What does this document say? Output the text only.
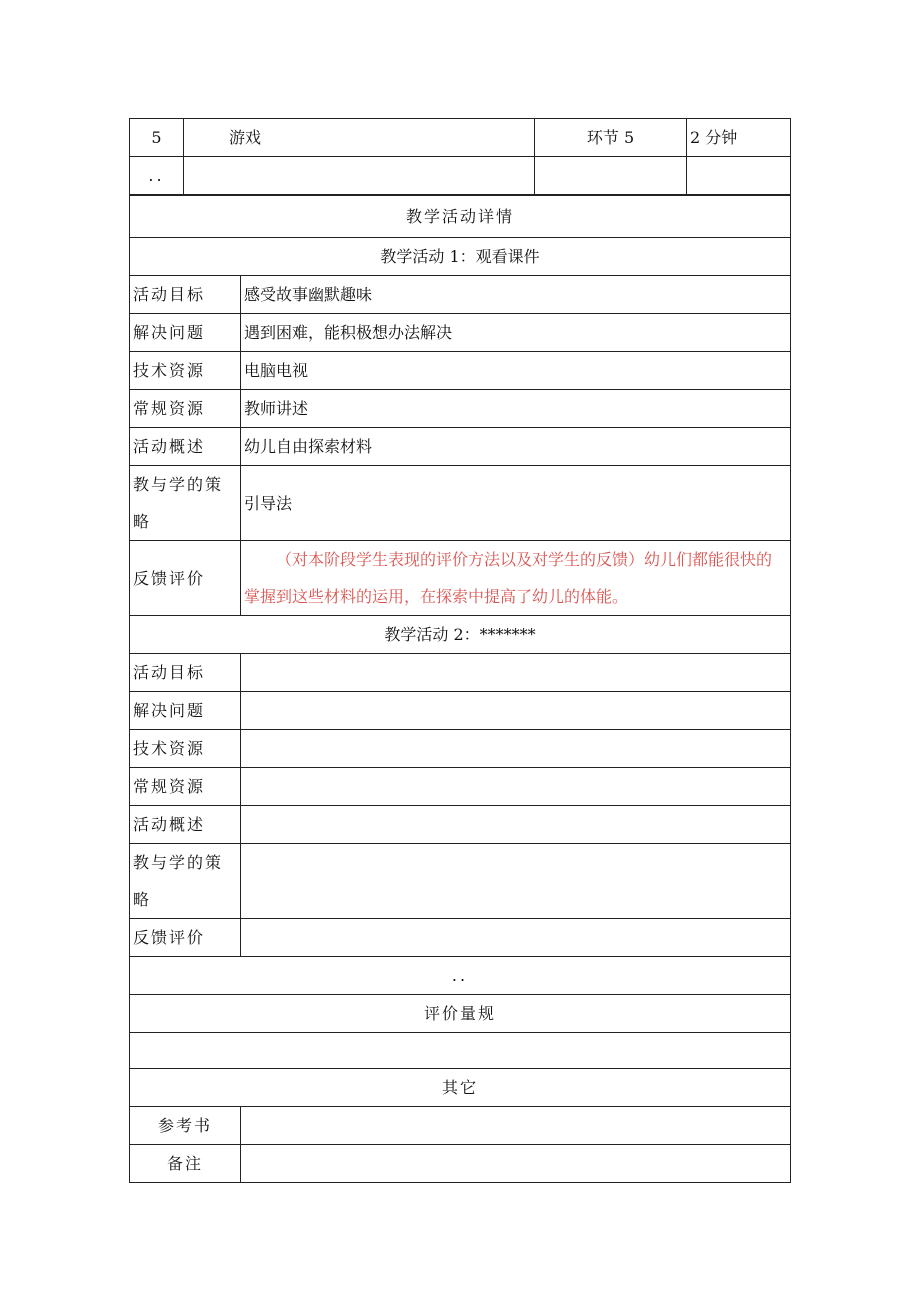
5	游戏	环节 5	2 分钟
..			
教学活动详情	
教学活动 1：观看课件	
活动目标	感受故事幽默趣味
解决问题	遇到困难，能积极想办法解决
技术资源	电脑电视
常规资源	教师讲述
活动概述	幼儿自由探索材料
教与学的策略	引导法
反馈评价	（对本阶段学生表现的评价方法以及对学生的反馈）幼儿们都能很快的掌握到这些材料的运用，在探索中提高了幼儿的体能。
教学活动 2：*******	
活动目标	
解决问题	
技术资源	
常规资源	
活动概述	
教与学的策略	
反馈评价	
..	
评价量规	

其它	
参考书	
备注	
